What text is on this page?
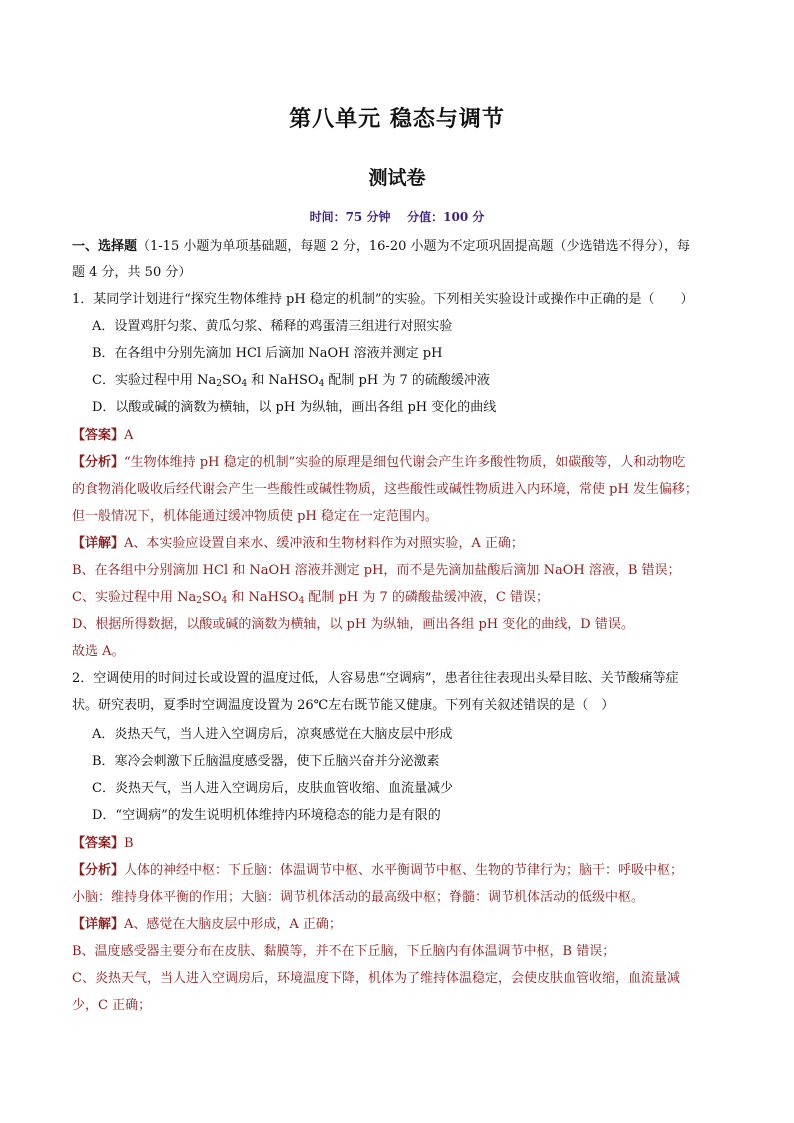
第八单元 稳态与调节
测试卷
时间：75 分钟    分值：100 分
一、选择题（1-15 小题为单项基础题，每题 2 分，16-20 小题为不定项巩固提高题（少选错选不得分），每
题 4 分，共 50 分）
1．某同学计划进行“探究生物体维持 pH 稳定的机制”的实验。下列相关实验设计或操作中正确的是（　　）
A．设置鸡肝匀浆、黄瓜匀浆、稀释的鸡蛋清三组进行对照实验
B．在各组中分别先滴加 HCl 后滴加 NaOH 溶液并测定 pH
C．实验过程中用 $Na_2SO_4$ 和 NaHSO$_4$ 配制 pH 为 7 的硫酸缓冲液
D．以酸或碱的滴数为横轴，以 pH 为纵轴，画出各组 pH 变化的曲线
【答案】A
【分析】“生物体维持 pH 稳定的机制”实验的原理是细包代谢会产生许多酸性物质，如碳酸等，人和动物吃
的食物消化吸收后经代谢会产生一些酸性或碱性物质，这些酸性或碱性物质进入内环境，常使 pH 发生偏移；
但一般情况下，机体能通过缓冲物质使 pH 稳定在一定范围内。
【详解】A、本实验应设置自来水、缓冲液和生物材料作为对照实验，A 正确；
B、在各组中分别滴加 HCl 和 NaOH 溶液并测定 pH，而不是先滴加盐酸后滴加 NaOH 溶液，B 错误；
C、实验过程中用 $Na_2SO_4$ 和 NaHSO$_4$ 配制 pH 为 7 的磷酸盐缓冲液，C 错误；
D、根据所得数据，以酸或碱的滴数为横轴，以 pH 为纵轴，画出各组 pH 变化的曲线，D 错误。
故选 A。
2．空调使用的时间过长或设置的温度过低，人容易患“空调病”，患者往往表现出头晕目眩、关节酸痛等症
状。研究表明，夏季时空调温度设置为 26℃左右既节能又健康。下列有关叙述错误的是（　）
A．炎热天气，当人进入空调房后，凉爽感觉在大脑皮层中形成
B．寒冷会刺激下丘脑温度感受器，使下丘脑兴奋并分泌激素
C．炎热天气，当人进入空调房后，皮肤血管收缩、血流量减少
D．“空调病”的发生说明机体维持内环境稳态的能力是有限的
【答案】B
【分析】人体的神经中枢：下丘脑：体温调节中枢、水平衡调节中枢、生物的节律行为；脑干：呼吸中枢；
小脑：维持身体平衡的作用；大脑：调节机体活动的最高级中枢；脊髓：调节机体活动的低级中枢。
【详解】A、感觉在大脑皮层中形成，A 正确；
B、温度感受器主要分布在皮肤、黏膜等，并不在下丘脑，下丘脑内有体温调节中枢，B 错误；
C、炎热天气，当人进入空调房后，环境温度下降，机体为了维持体温稳定，会使皮肤血管收缩，血流量减
少，C 正确；
